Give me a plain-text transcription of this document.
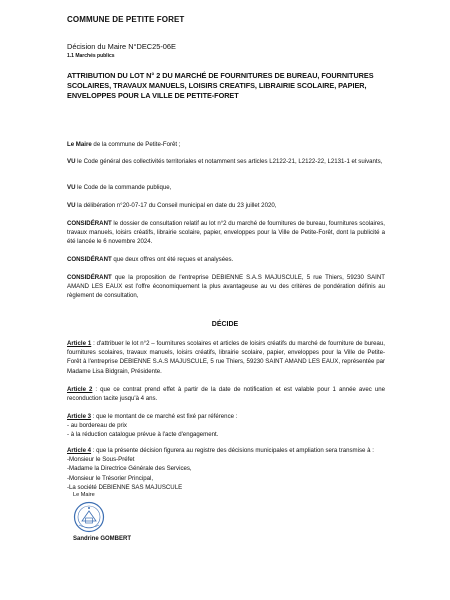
COMMUNE DE PETITE FORET
Décision du Maire N°DEC25-06E
1.1 Marchés publics
ATTRIBUTION DU LOT N° 2 DU MARCHÉ DE FOURNITURES DE BUREAU, FOURNITURES SCOLAIRES, TRAVAUX MANUELS, LOISIRS CREATIFS, LIBRAIRIE SCOLAIRE, PAPIER, ENVELOPPES POUR LA VILLE DE PETITE-FORET
Le Maire de la commune de Petite-Forêt ;
VU le Code général des collectivités territoriales et notamment ses articles L2122-21, L2122-22, L2131-1 et suivants,
VU le Code de la commande publique,
VU la délibération n°20-07-17 du Conseil municipal en date du 23 juillet 2020,
CONSIDÉRANT le dossier de consultation relatif au lot n°2 du marché de fournitures de bureau, fournitures scolaires, travaux manuels, loisirs créatifs, librairie scolaire, papier, enveloppes pour la Ville de Petite-Forêt, dont la publicité a été lancée le 6 novembre 2024.
CONSIDÉRANT que deux offres ont été reçues et analysées.
CONSIDÉRANT que la proposition de l'entreprise DEBIENNE S.A.S MAJUSCULE, 5 rue Thiers, 59230 SAINT AMAND LES EAUX est l'offre économiquement la plus avantageuse au vu des critères de pondération définis au règlement de consultation,
DÉCIDE
Article 1 : d'attribuer le lot n°2 – fournitures scolaires et articles de loisirs créatifs du marché de fourniture de bureau, fournitures scolaires, travaux manuels, loisirs créatifs, librairie scolaire, papier, enveloppes pour la Ville de Petite-Forêt à l'entreprise DEBIENNE S.A.S MAJUSCULE, 5 rue Thiers, 59230 SAINT AMAND LES EAUX, représentée par Madame Lisa Bidgrain, Présidente.
Article 2 : que ce contrat prend effet à partir de la date de notification et est valable pour 1 année avec une reconduction tacite jusqu'à 4 ans.
Article 3 : que le montant de ce marché est fixé par référence :
- au bordereau de prix
- à la réduction catalogue prévue à l'acte d'engagement.
Article 4 : que la présente décision figurera au registre des décisions municipales et ampliation sera transmise à :
-Monsieur le Sous-Préfet
-Madame la Directrice Générale des Services,
-Monsieur le Trésorier Principal,
-La société DEBIENNE SAS MAJUSCULE
Le Maire
Sandrine GOMBERT
